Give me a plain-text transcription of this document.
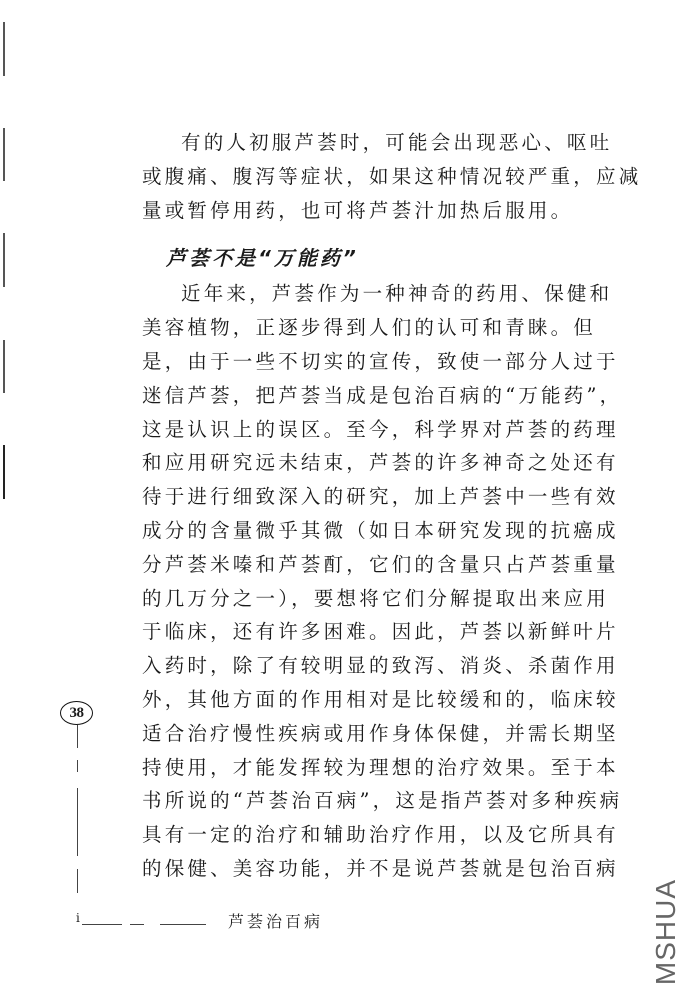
有的人初服芦荟时，可能会出现恶心、呕吐
或腹痛、腹泻等症状，如果这种情况较严重，应减
量或暂停用药，也可将芦荟汁加热后服用。

芦荟不是“万能药”

近年来，芦荟作为一种神奇的药用、保健和
美容植物，正逐步得到人们的认可和青睐。但
是，由于一些不切实的宣传，致使一部分人过于
迷信芦荟，把芦荟当成是包治百病的“万能药”，
这是认识上的误区。至今，科学界对芦荟的药理
和应用研究远未结束，芦荟的许多神奇之处还有
待于进行细致深入的研究，加上芦荟中一些有效
成分的含量微乎其微（如日本研究发现的抗癌成
分芦荟米嗪和芦荟酊，它们的含量只占芦荟重量
的几万分之一），要想将它们分解提取出来应用
于临床，还有许多困难。因此，芦荟以新鲜叶片
入药时，除了有较明显的致泻、消炎、杀菌作用
外，其他方面的作用相对是比较缓和的，临床较
适合治疗慢性疾病或用作身体保健，并需长期坚
持使用，才能发挥较为理想的治疗效果。至于本
书所说的“芦荟治百病”，这是指芦荟对多种疾病
具有一定的治疗和辅助治疗作用，以及它所具有
的保健、美容功能，并不是说芦荟就是包治百病

38
i	芦荟治百病	MSHUA
